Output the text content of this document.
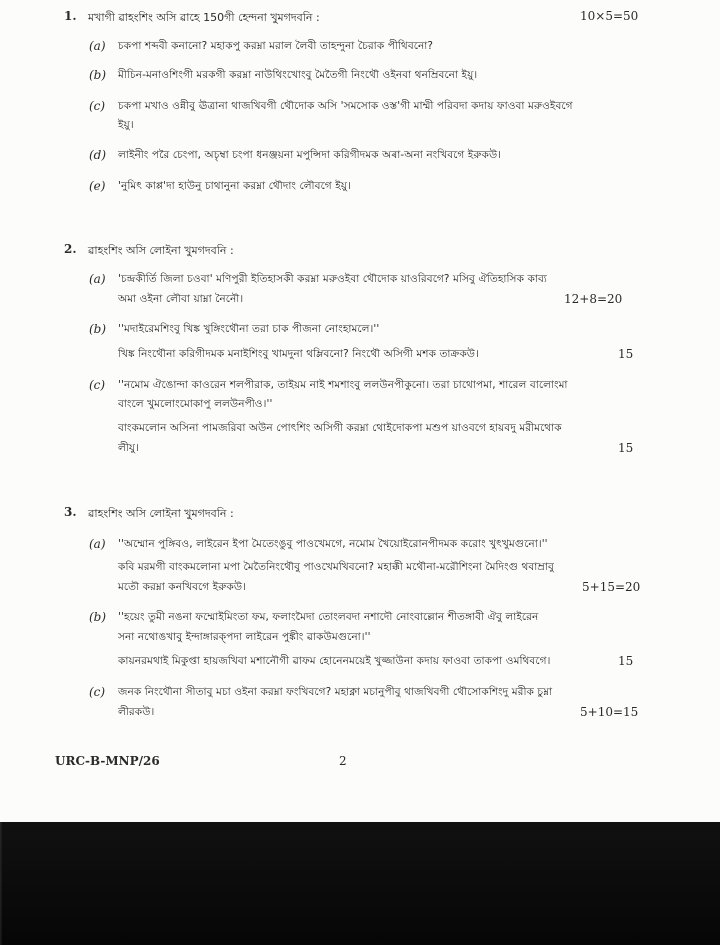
1. মখাগী ৱাহংশিং অসি ৱাহে 150গী হেন্দনা খুমগদবনি :	10×5=50
(a) চকপা শব্দবী কনানো? মহাকপু করম্না মরাল লৈবী তাহন্দুনা চৈরাক পীথিবনো?
(b) মীচিন-মনাওশিংগী মরকগী করম্না নাউথিংখোংবু মৈতৈগী নিংথৌ ওইনবা থনম্রিবনো ইয়ু।
(c) চকপা মখাও ওন্নীবু ঊত্রানা থাজখিবগী থৌদোক অসি 'সমসোক ওস্ত'গী মাম্মী পরিবদা কদায় ফাওবা মরুওইবগে
ইয়ু।
(d) লাইনীং পরৈ চেংপা, অচৃম্বা চংপা ধনঞ্জয়না মপুন্সিদা করিগীদমক অৰা-অনা নংখিবগে ইরুকউ।
(e) 'নুমিৎ কাপ্প'দা হাউনু চাথানুনা করম্না থৌদাং লৌবগে ইয়ু।
2. ৱাহংশিং অসি লোইনা খুমগদবনি :
(a) 'চন্দ্রকীর্তি জিলা চওবা' মণিপুরী ইতিহাসকী করম্না মরুওইবা থৌদোক য়াওরিবগে? মসিবু ঐতিহাসিক কাব্য
অমা ওইনা লৌবা য়াম্না নৈনৌ।	12+8=20
(b) ''মদাইরেমশিংবু খিঙ্ক খুঙ্গিংথৌনা তরা চাক পীজনা নোংহামলে।''
খিঙ্ক নিংথৌনা করিগীদমক মনাইশিংবু খামদুনা থম্লিবনো? নিংথৌ অসিগী মশক তাক্রকউ।	15
(c) ''নমোম ঐঙোন্দা কাওরেন শলপীরাক, তাইয়ম নাই শমশাংবু ললউনপীকুনো। তরা চাথোপমা, শারেল বালোংমা
বাংলে খুমলোংমোকাপু ললউনপীও।''
বাংকমলোন অসিনা পামজরিবা অউন পোৎশিং অসিগী করম্না থোইদোকপা মশুপ য়াওবগে হায়বদু মরীমথোক
লীযু।	15
3. ৱাহংশিং অসি লোইনা খুমগদবনি :
(a) ''অম্মোন পুঙ্গিবও, লাইরেন ইপা মৈতেংঙুবু পাওখেমগে, নমোম খৈয়োইরোনপীদমক করোং খুৎখুমগুনো।''
কবি মরমগী বাংকমলোনা মপা মৈতৈনিংথৌবু পাওখেমখিবনো? মহাক্কী মথৌনা-মরৌশিংনা মৈদিংগু থবাম্রাবু
মতৌ করম্না কনখিবগে ইরুকউ।	5+15=20
(b) ''হয়েং তুমী নঙনা ফম্মোইমিংতা ফম, ফলাংমৈদা তোংলবদা নশাদৌ নোংবাল্লোন শীতঙ্গাবী ঐবু লাইরেন
সনা নথোঙখাবু ইন্দাঙ্গারক্পদা লাইরেন পুঙ্কীং ৱাকউমগুনো।''
কায়নরমথাই মিকুপ্তা হায়জখিবা মশানৌগী ৱাফম হোনেনময়েই খুজ্জাউনা কদায় ফাওবা তাকপা ওমথিবগে।	15
(c) জনক নিংথৌনা সীতাবু মচা ওইনা করম্না ফংখিবগে? মহাক্না মচানুপীবু থাজখিবগী থৌসোকশিংদু মরীক চুম্না
লীরকউ।	5+10=15
URC-B-MNP/26	2
